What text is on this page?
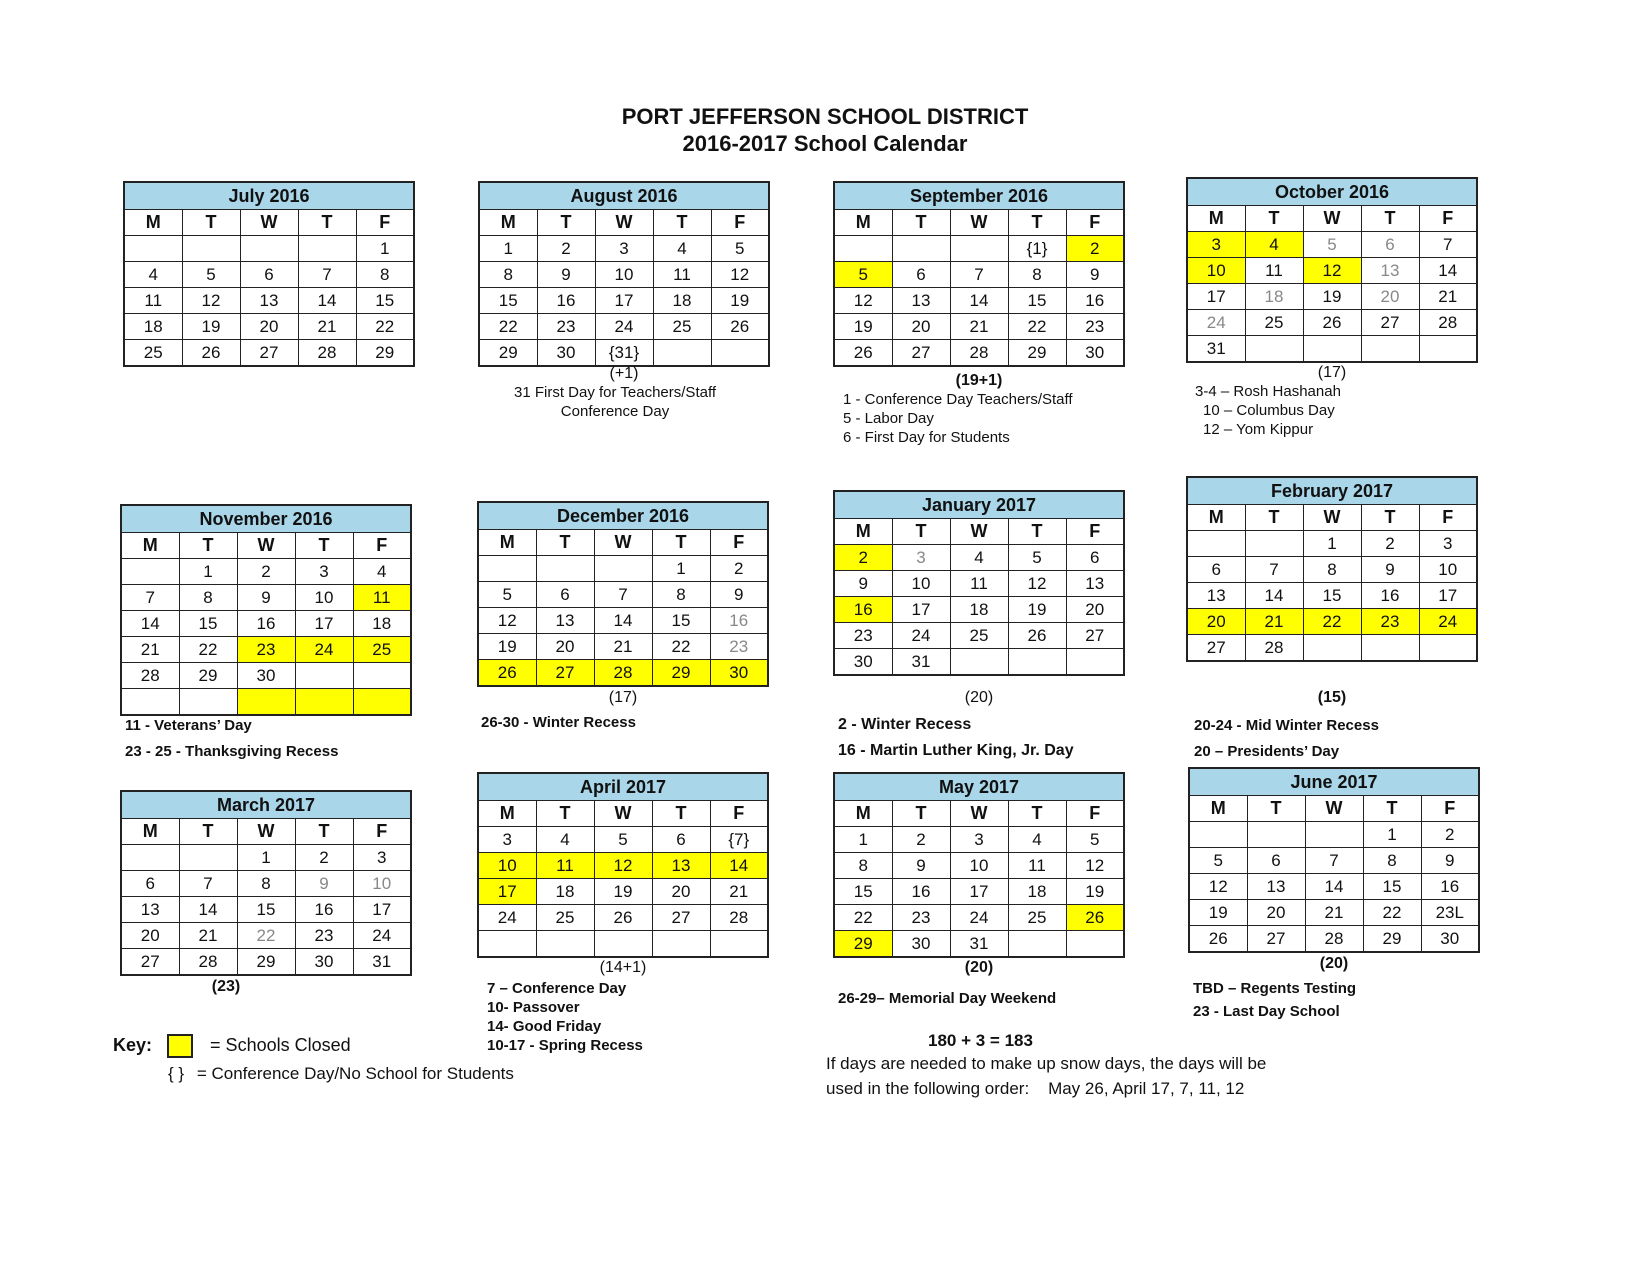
PORT JEFFERSON SCHOOL DISTRICT
2016-2017 School Calendar
July 2016				
M	T	W	T	F
				1
4	5	6	7	8
11	12	13	14	15
18	19	20	21	22
25	26	27	28	29
August 2016				
M	T	W	T	F
1	2	3	4	5
8	9	10	11	12
15	16	17	18	19
22	23	24	25	26
29	30	{31}		
(+1)
31 First Day for Teachers/Staff
Conference Day
September 2016				
M	T	W	T	F
			{1}	2
5	6	7	8	9
12	13	14	15	16
19	20	21	22	23
26	27	28	29	30
(19+1)
1 - Conference Day Teachers/Staff
5 - Labor Day
6 - First Day for Students
October 2016				
M	T	W	T	F
3	4	5	6	7
10	11	12	13	14
17	18	19	20	21
24	25	26	27	28
31				
(17)
3-4 – Rosh Hashanah
10 – Columbus Day
12 – Yom Kippur
November 2016				
M	T	W	T	F
	1	2	3	4
7	8	9	10	11
14	15	16	17	18
21	22	23	24	25
28	29	30		

11 - Veterans’ Day
23 - 25 - Thanksgiving Recess
December 2016				
M	T	W	T	F
			1	2
5	6	7	8	9
12	13	14	15	16
19	20	21	22	23
26	27	28	29	30
(17)
26-30 - Winter Recess
January 2017				
M	T	W	T	F
2	3	4	5	6
9	10	11	12	13
16	17	18	19	20
23	24	25	26	27
30	31			
(20)
2 - Winter Recess
16 - Martin Luther King, Jr. Day
February 2017				
M	T	W	T	F
		1	2	3
6	7	8	9	10
13	14	15	16	17
20	21	22	23	24
27	28			
(15)
20-24 - Mid Winter Recess
20 – Presidents’ Day
March 2017				
M	T	W	T	F
		1	2	3
6	7	8	9	10
13	14	15	16	17
20	21	22	23	24
27	28	29	30	31
(23)
April 2017				
M	T	W	T	F
3	4	5	6	{7}
10	11	12	13	14
17	18	19	20	21
24	25	26	27	28

(14+1)
7 – Conference Day
10- Passover
14- Good Friday
10-17 - Spring Recess
May 2017				
M	T	W	T	F
1	2	3	4	5
8	9	10	11	12
15	16	17	18	19
22	23	24	25	26
29	30	31		
(20)
26-29– Memorial Day Weekend
June 2017				
M	T	W	T	F
			1	2
5	6	7	8	9
12	13	14	15	16
19	20	21	22	23L
26	27	28	29	30
(20)
TBD – Regents Testing
23 - Last Day School
Key:	= Schools Closed
{ } = Conference Day/No School for Students
180 + 3 = 183
If days are needed to make up snow days, the days will be
used in the following order:    May 26, April 17, 7, 11, 12
